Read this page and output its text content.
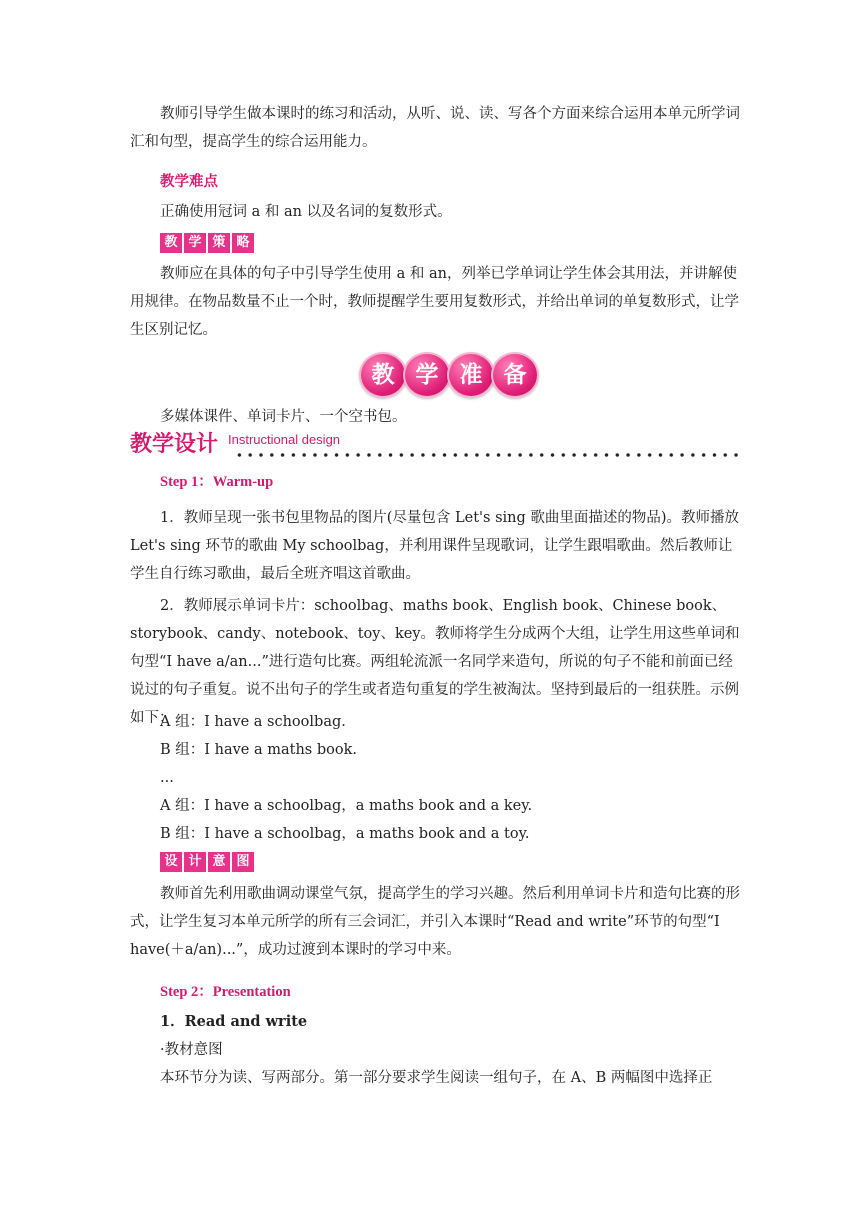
教师引导学生做本课时的练习和活动，从听、说、读、写各个方面来综合运用本单元所学词汇和句型，提高学生的综合运用能力。

教学难点

正确使用冠词 a 和 an 以及名词的复数形式。

教 学 策 略

教师应在具体的句子中引导学生使用 a 和 an，列举已学单词让学生体会其用法，并讲解使用规律。在物品数量不止一个时，教师提醒学生要用复数形式，并给出单词的单复数形式，让学生区别记忆。

教 学 准 备

多媒体课件、单词卡片、一个空书包。

教学设计 Instructional design
Step 1：Warm-up

1．教师呈现一张书包里物品的图片(尽量包含 Let's sing 歌曲里面描述的物品)。教师播放 Let's sing 环节的歌曲 My schoolbag，并利用课件呈现歌词，让学生跟唱歌曲。然后教师让学生自行练习歌曲，最后全班齐唱这首歌曲。

2．教师展示单词卡片：schoolbag、maths book、English book、Chinese book、storybook、candy、notebook、toy、key。教师将学生分成两个大组，让学生用这些单词和句型“I have a/an...”进行造句比赛。两组轮流派一名同学来造句，所说的句子不能和前面已经说过的句子重复。说不出句子的学生或者造句重复的学生被淘汰。坚持到最后的一组获胜。示例如下：

A 组：I have a schoolbag.

B 组：I have a maths book.

...

A 组：I have a schoolbag，a maths book and a key.

B 组：I have a schoolbag，a maths book and a toy.

设 计 意 图

教师首先利用歌曲调动课堂气氛，提高学生的学习兴趣。然后利用单词卡片和造句比赛的形式，让学生复习本单元所学的所有三会词汇，并引入本课时“Read and write”环节的句型“I have(＋a/an)...”，成功过渡到本课时的学习中来。

Step 2：Presentation

1．Read and write

·教材意图

本环节分为读、写两部分。第一部分要求学生阅读一组句子，在 A、B 两幅图中选择正
